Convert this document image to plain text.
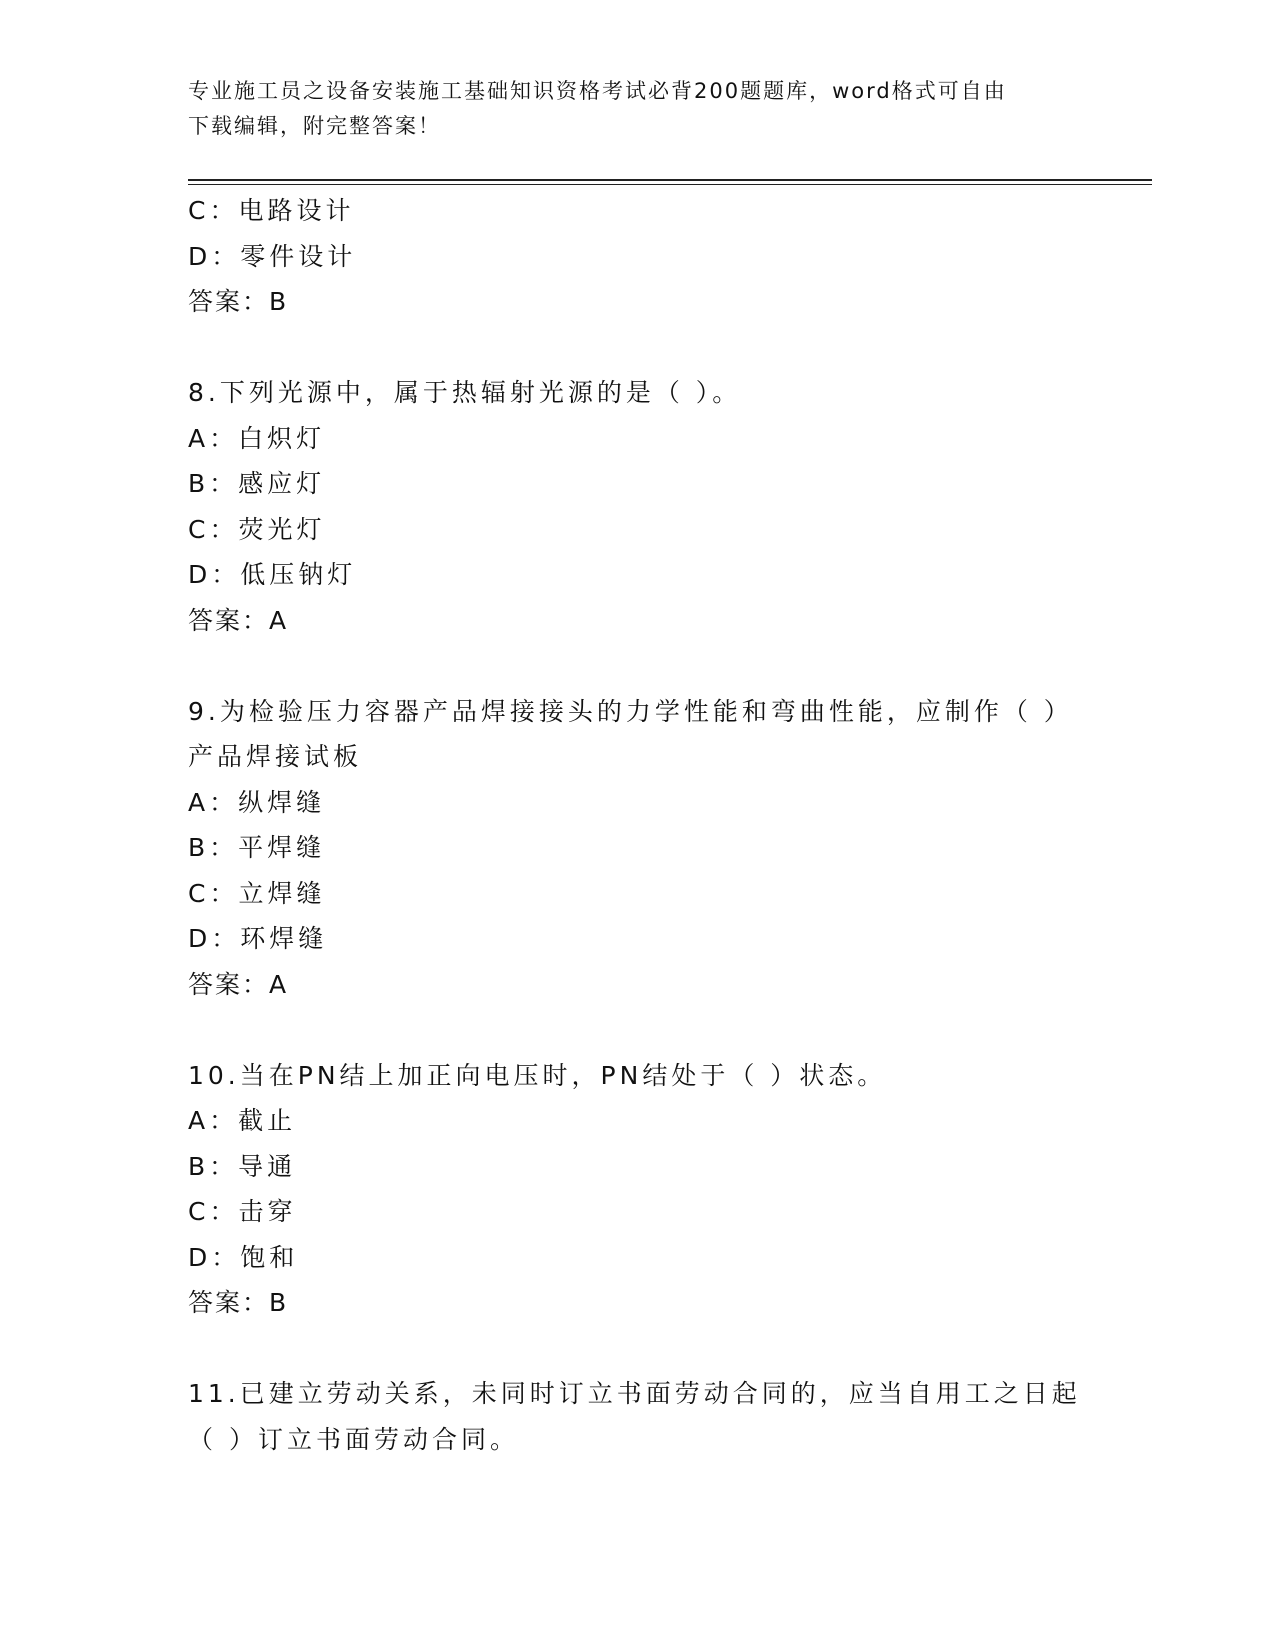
专业施工员之设备安装施工基础知识资格考试必背200题题库，word格式可自由
下载编辑，附完整答案！
C：电路设计
D：零件设计
答案：B
8.下列光源中，属于热辐射光源的是（ ）。
A：白炽灯
B：感应灯
C：荧光灯
D：低压钠灯
答案：A
9.为检验压力容器产品焊接接头的力学性能和弯曲性能，应制作（ ）
产品焊接试板
A：纵焊缝
B：平焊缝
C：立焊缝
D：环焊缝
答案：A
10.当在PN结上加正向电压时，PN结处于（ ）状态。
A：截止
B：导通
C：击穿
D：饱和
答案：B
11.已建立劳动关系，未同时订立书面劳动合同的，应当自用工之日起
（ ）订立书面劳动合同。
